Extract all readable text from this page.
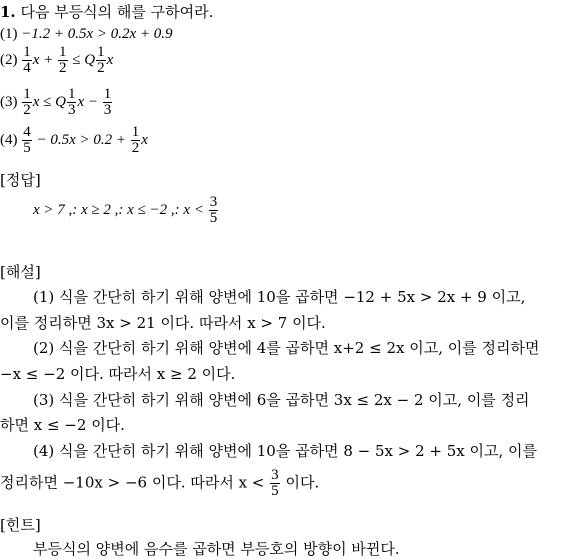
1. 다음 부등식의 해를 구하여라.
(1) −1.2 + 0.5x > 0.2x + 0.9
$(2) \frac{1}{4}$ $x + \frac{1}{2} \le Q \frac{1}{2}$ x
$(3) \frac{1}{2}$ x ≤ Q $\frac{1}{3}$ $x - \frac{1}{3}$
$(4) \frac{4}{5} - 0.5x > 0.2 + \frac{1}{2}$ x
[정답]
x > 7 ,: x ≥ 2 ,: x ≤ −2 ,: $x < \frac{3}{5}$
[해설]
(1) 식을 간단히 하기 위해 양변에 10을 곱하면 −12 + 5x > 2x + 9 이고,
이를 정리하면 3x > 21 이다. 따라서 x > 7 이다.
(2) 식을 간단히 하기 위해 양변에 4를 곱하면 x+2 ≤ 2x 이고, 이를 정리하면
−x ≤ −2 이다. 따라서 x ≥ 2 이다.
(3) 식을 간단히 하기 위해 양변에 6을 곱하면 3x ≤ 2x − 2 이고, 이를 정리
하면 x ≤ −2 이다.
(4) 식을 간단히 하기 위해 양변에 10을 곱하면 8 − 5x > 2 + 5x 이고, 이를
정리하면 −10x > −6 이다. 따라서 $x < \frac{3}{5}$ 이다.
[힌트]
부등식의 양변에 음수를 곱하면 부등호의 방향이 바뀐다.
